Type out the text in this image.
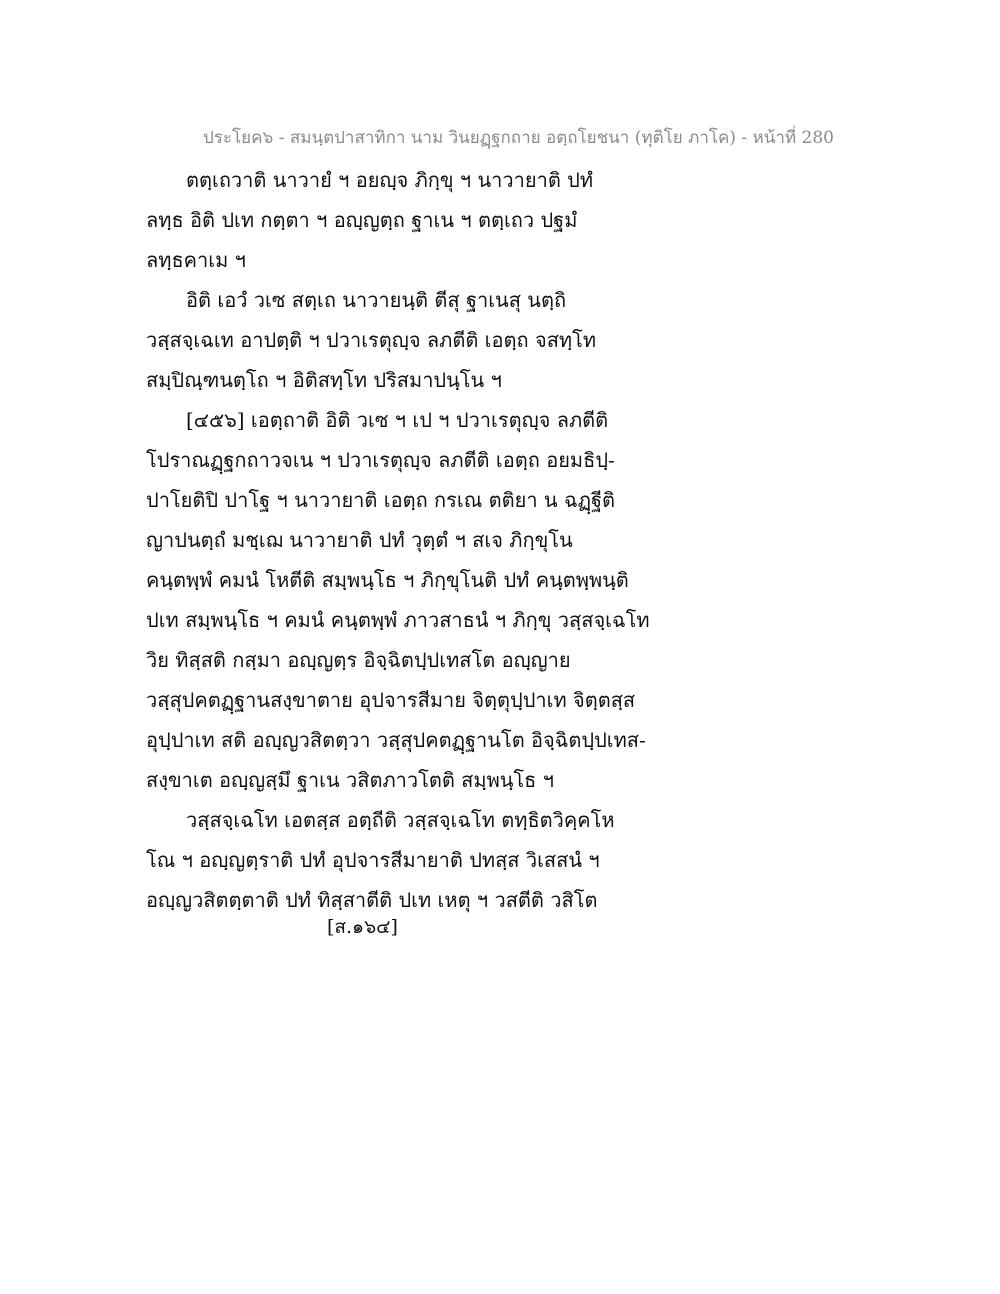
ประโยค๖ - สมนฺตปาสาทิกา นาม วินยฏฺฐกถาย อตฺถโยชนา (ทุติโย ภาโค) - หน้าที่ 280
ตตฺเถวาติ นาวายํ ฯ อยญฺจ ภิกฺขุ ฯ นาวายาติ ปทํ
ลทฺธ อิติ ปเท กตฺตา ฯ อญฺญตฺถ ฐาเน ฯ ตตฺเถว ปฐมํ
ลทฺธคาเม ฯ
อิติ เอวํ วเซ สตฺเถ นาวายนฺติ ตีสุ ฐาเนสุ นตฺถิ
วสฺสจฺเฉเท อาปตฺติ ฯ ปวาเรตุญฺจ ลภตีติ เอตฺถ จสทฺโท
สมฺปิณฺฑนตฺโถ ฯ อิติสทฺโท ปริสมาปนฺโน ฯ
[๔๕๖] เอตฺถาติ อิติ วเซ ฯ เป ฯ ปวาเรตุญฺจ ลภตีติ
โปราณฏฺฐกถาวจเน ฯ ปวาเรตุญฺจ ลภตีติ เอตฺถ อยมธิปฺ-
ปาโยติปิ ปาโฐ ฯ นาวายาติ เอตฺถ กรเณ ตติยา น ฉฏฺฐีติ
ญาปนตฺถํ มชฺเฌ นาวายาติ ปทํ วุตฺตํ ฯ สเจ ภิกฺขุโน
คนฺตพฺพํ คมนํ โหตีติ สมฺพนฺโธ ฯ ภิกฺขุโนติ ปทํ คนฺตพฺพนฺติ
ปเท สมฺพนฺโธ ฯ คมนํ คนฺตพฺพํ ภาวสาธนํ ฯ ภิกฺขุ วสฺสจฺเฉโท
วิย ทิสฺสติ กสฺมา อญฺญตฺร อิจฺฉิตปฺปเทสโต อญฺญาย
วสฺสุปคตฏฺฐานสงฺขาตาย อุปจารสีมาย จิตฺตุปฺปาเท จิตฺตสฺส
อุปฺปาเท สติ อญฺญวสิตตฺวา วสฺสุปคตฏฺฐานโต อิจฺฉิตปฺปเทส-
สงฺขาเต อญฺญสฺมึ ฐาเน วสิตภาวโตติ สมฺพนฺโธ ฯ
วสฺสจฺเฉโท เอตสฺส อตฺถีติ วสฺสจฺเฉโท ตทฺธิตวิคฺคโห
โณ ฯ อญฺญตฺราติ ปทํ อุปจารสีมายาติ ปทสฺส วิเสสนํ ฯ
อญฺญวสิตตฺตาติ ปทํ ทิสฺสาตีติ ปเท เหตุ ฯ วสตีติ วสิโต
[ส.๑๖๔]
